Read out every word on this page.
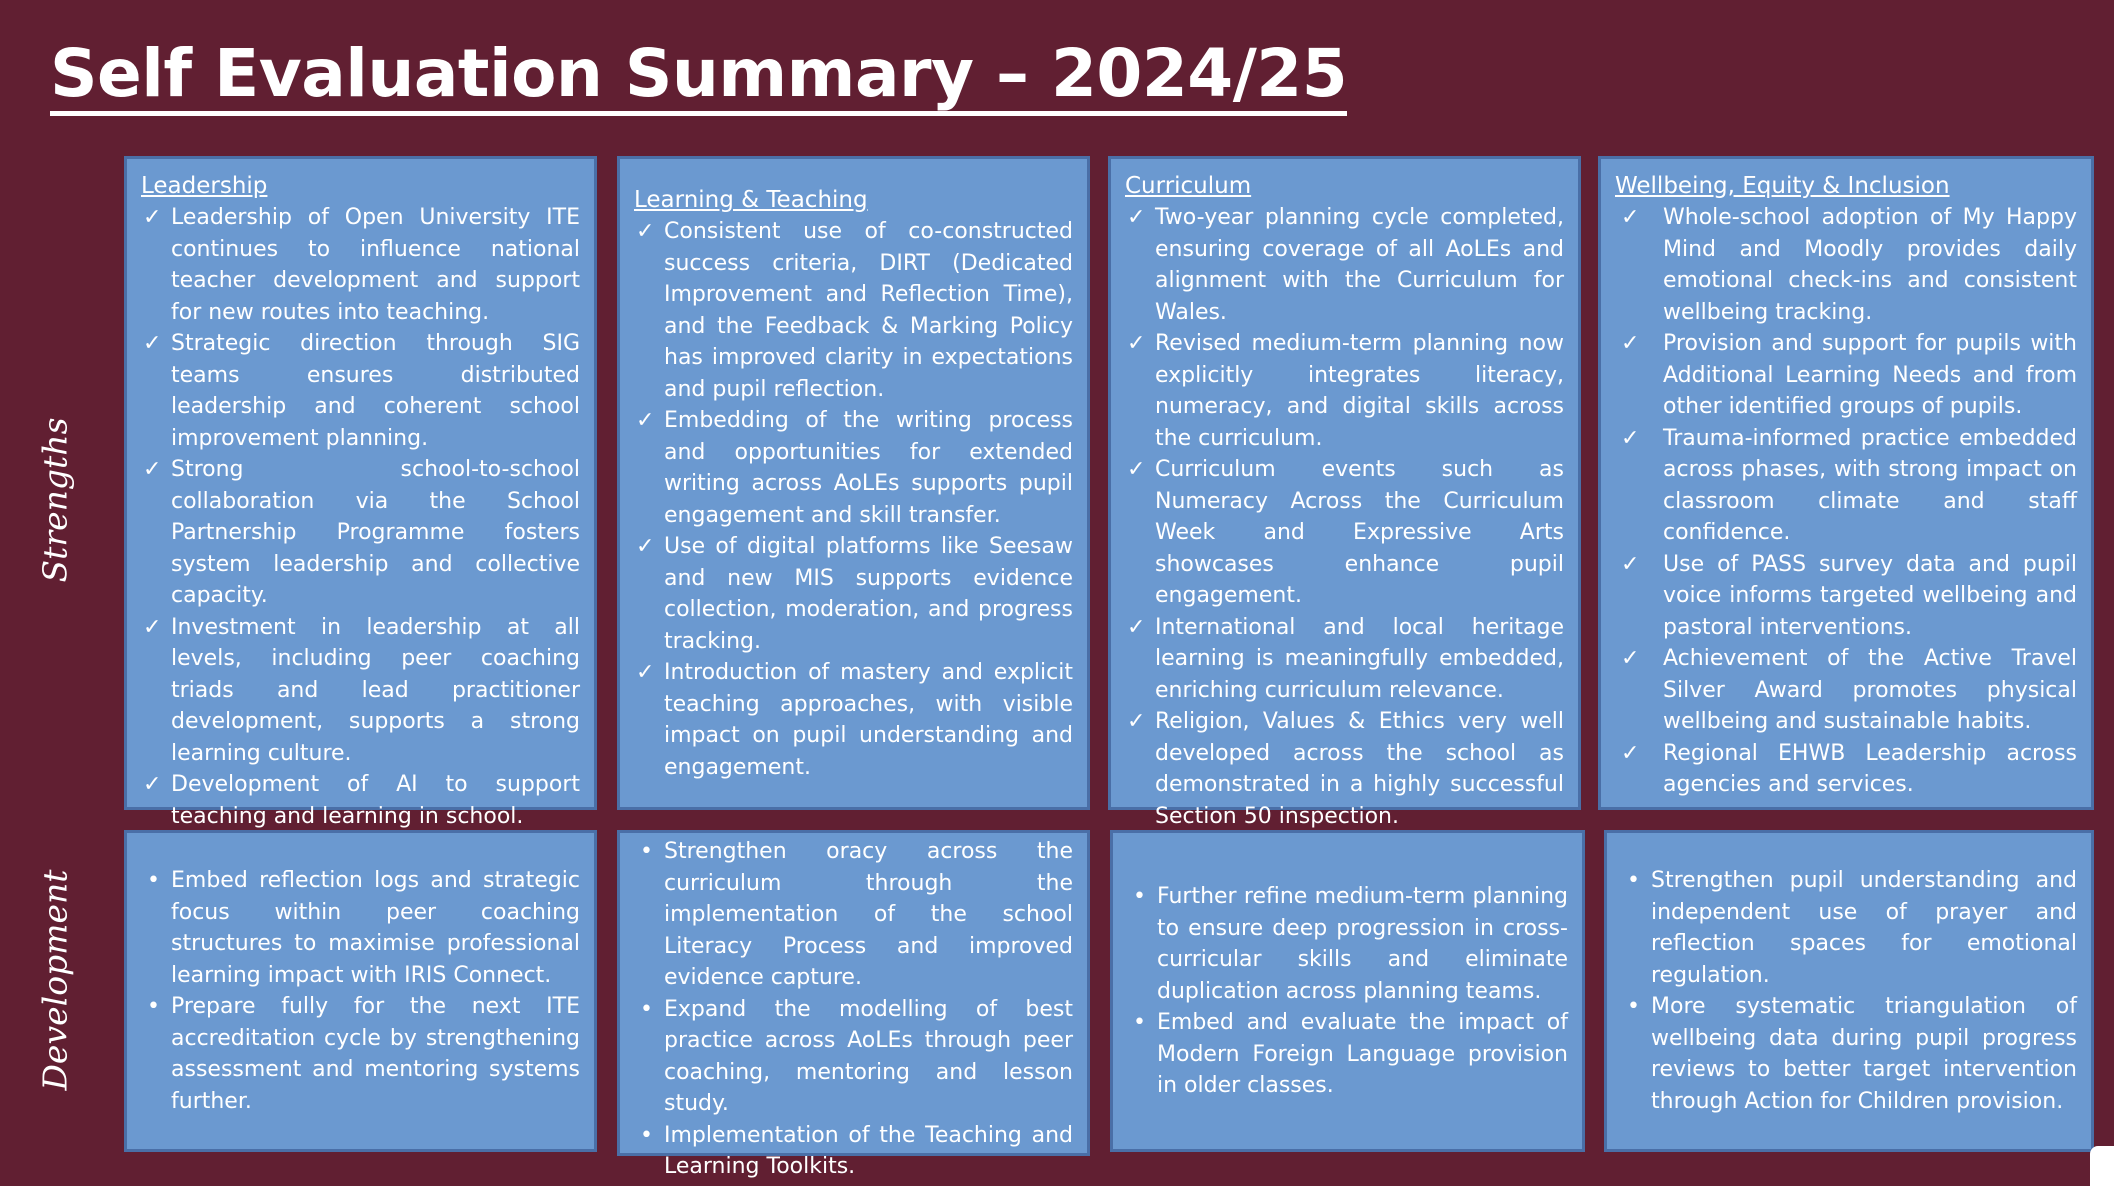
Self Evaluation Summary – 2024/25
Strengths
Development
Leadership
✓ Leadership of Open University ITE continues to influence national teacher development and support for new routes into teaching.
✓ Strategic direction through SIG teams ensures distributed leadership and coherent school improvement planning.
✓ Strong school-to-school collaboration via the School Partnership Programme fosters system leadership and collective capacity.
✓ Investment in leadership at all levels, including peer coaching triads and lead practitioner development, supports a strong learning culture.
✓ Development of AI to support teaching and learning in school.
Learning & Teaching
✓ Consistent use of co-constructed success criteria, DIRT (Dedicated Improvement and Reflection Time), and the Feedback & Marking Policy has improved clarity in expectations and pupil reflection.
✓ Embedding of the writing process and opportunities for extended writing across AoLEs supports pupil engagement and skill transfer.
✓ Use of digital platforms like Seesaw and new MIS supports evidence collection, moderation, and progress tracking.
✓ Introduction of mastery and explicit teaching approaches, with visible impact on pupil understanding and engagement.
Curriculum
✓ Two-year planning cycle completed, ensuring coverage of all AoLEs and alignment with the Curriculum for Wales.
✓ Revised medium-term planning now explicitly integrates literacy, numeracy, and digital skills across the curriculum.
✓ Curriculum events such as Numeracy Across the Curriculum Week and Expressive Arts showcases enhance pupil engagement.
✓ International and local heritage learning is meaningfully embedded, enriching curriculum relevance.
✓ Religion, Values & Ethics very well developed across the school as demonstrated in a highly successful Section 50 inspection.
Wellbeing, Equity & Inclusion
✓ Whole-school adoption of My Happy Mind and Moodly provides daily emotional check-ins and consistent wellbeing tracking.
✓ Provision and support for pupils with Additional Learning Needs and from other identified groups of pupils.
✓ Trauma-informed practice embedded across phases, with strong impact on classroom climate and staff confidence.
✓ Use of PASS survey data and pupil voice informs targeted wellbeing and pastoral interventions.
✓ Achievement of the Active Travel Silver Award promotes physical wellbeing and sustainable habits.
✓ Regional EHWB Leadership across agencies and services.
• Embed reflection logs and strategic focus within peer coaching structures to maximise professional learning impact with IRIS Connect.
• Prepare fully for the next ITE accreditation cycle by strengthening assessment and mentoring systems further.
• Strengthen oracy across the curriculum through the implementation of the school Literacy Process and improved evidence capture.
• Expand the modelling of best practice across AoLEs through peer coaching, mentoring and lesson study.
• Implementation of the Teaching and Learning Toolkits.
• Further refine medium-term planning to ensure deep progression in cross-curricular skills and eliminate duplication across planning teams.
• Embed and evaluate the impact of Modern Foreign Language provision in older classes.
• Strengthen pupil understanding and independent use of prayer and reflection spaces for emotional regulation.
• More systematic triangulation of wellbeing data during pupil progress reviews to better target intervention through Action for Children provision.
